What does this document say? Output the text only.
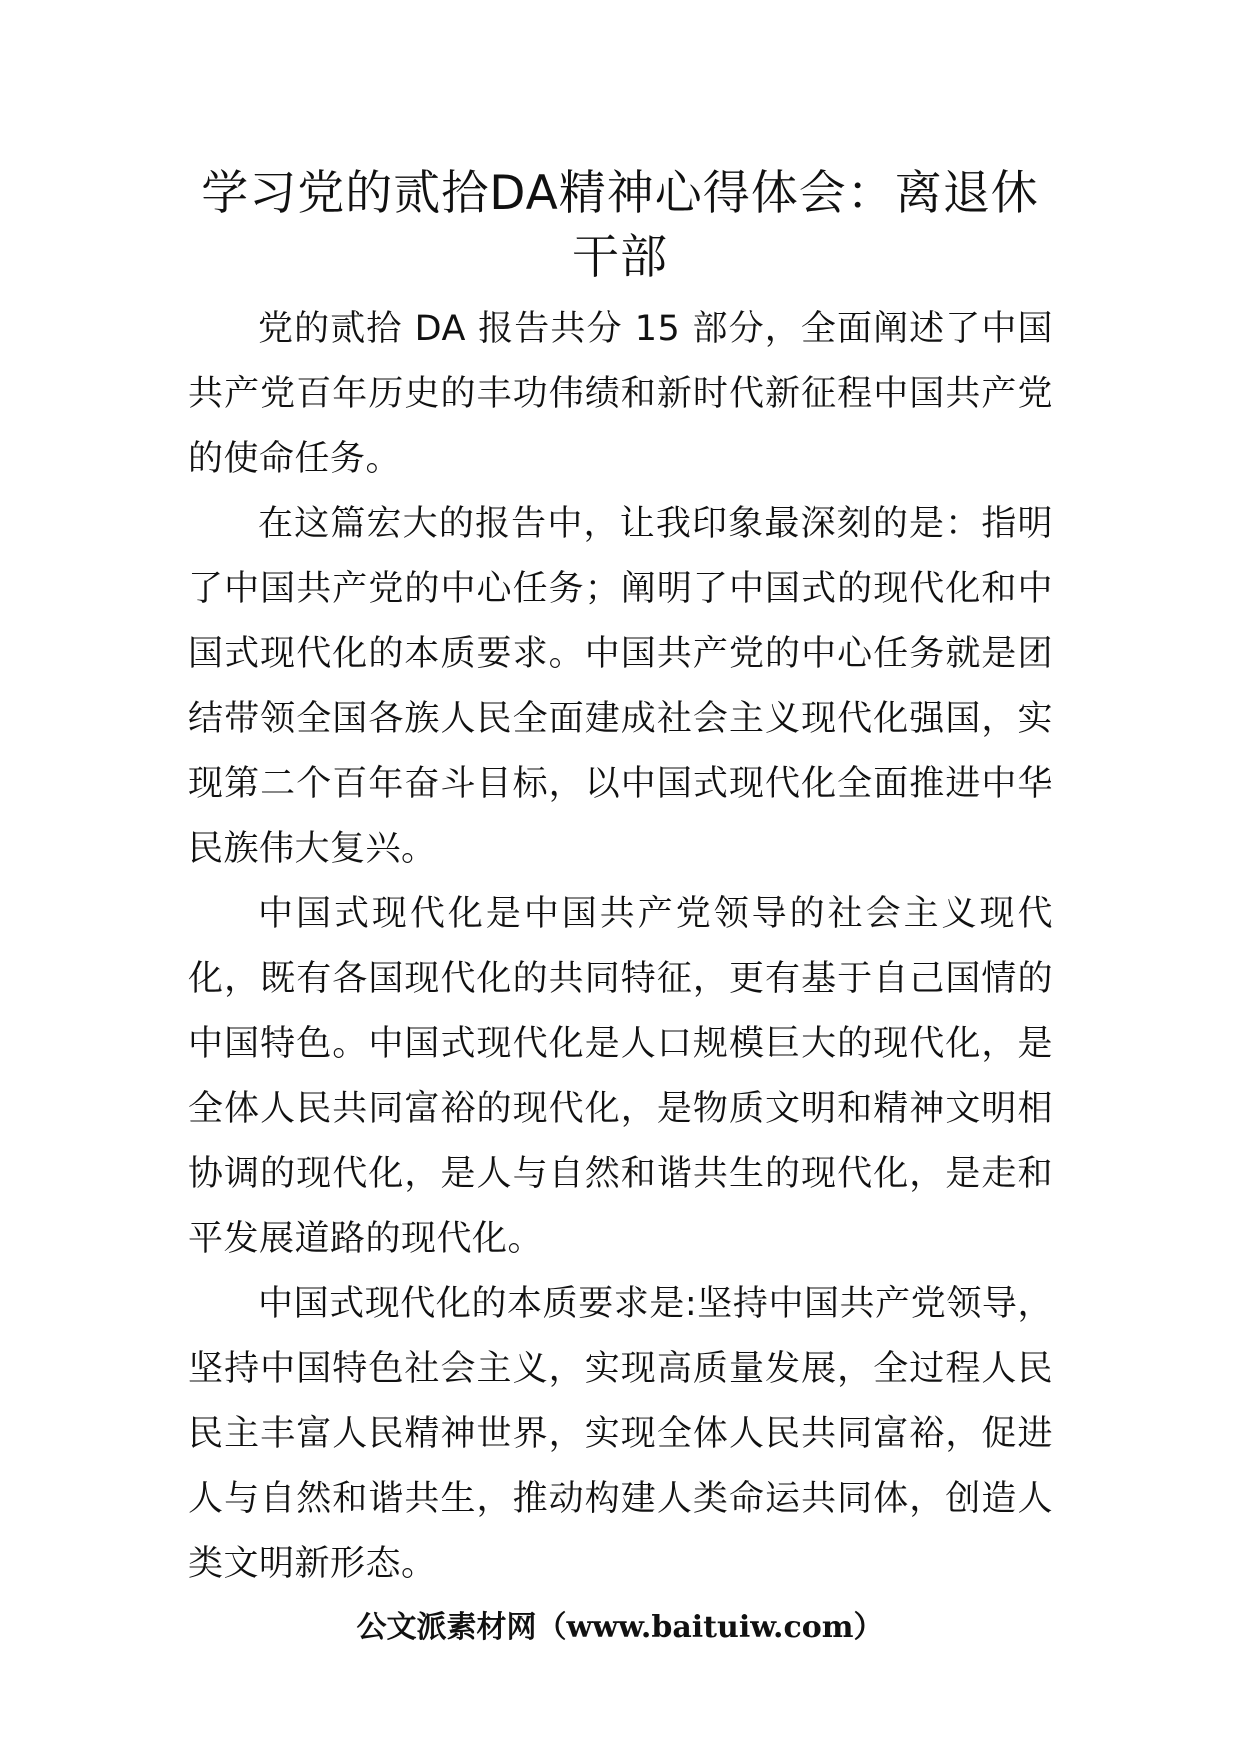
学习党的贰拾DA精神心得体会：离退休干部

党的贰拾 DA 报告共分 15 部分，全面阐述了中国共产党百年历史的丰功伟绩和新时代新征程中国共产党的使命任务。

在这篇宏大的报告中，让我印象最深刻的是：指明了中国共产党的中心任务；阐明了中国式的现代化和中国式现代化的本质要求。中国共产党的中心任务就是团结带领全国各族人民全面建成社会主义现代化强国，实现第二个百年奋斗目标，以中国式现代化全面推进中华民族伟大复兴。

中国式现代化是中国共产党领导的社会主义现代化，既有各国现代化的共同特征，更有基于自己国情的中国特色。中国式现代化是人口规模巨大的现代化，是全体人民共同富裕的现代化，是物质文明和精神文明相协调的现代化，是人与自然和谐共生的现代化，是走和平发展道路的现代化。

中国式现代化的本质要求是:坚持中国共产党领导，坚持中国特色社会主义，实现高质量发展，全过程人民民主丰富人民精神世界，实现全体人民共同富裕，促进人与自然和谐共生，推动构建人类命运共同体，创造人类文明新形态。

公文派素材网（www.baituiw.com）
